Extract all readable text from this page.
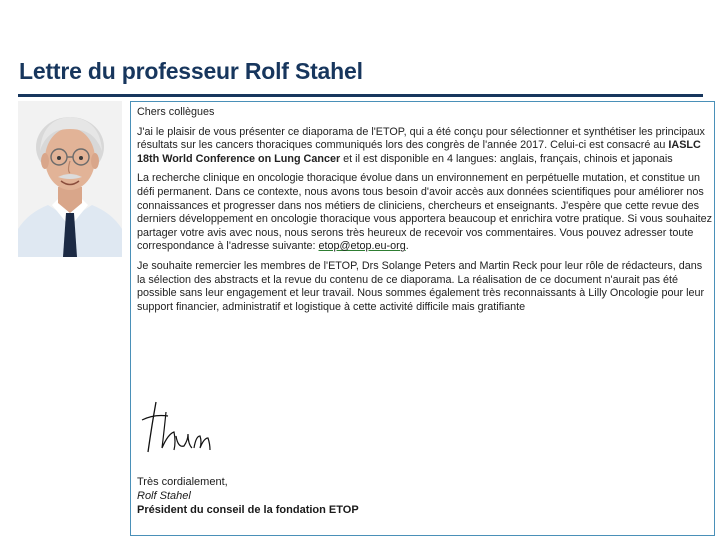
Lettre du professeur Rolf Stahel

Chers collègues

J'ai le plaisir de vous présenter ce diaporama de l'ETOP, qui a été conçu pour sélectionner et synthétiser les principaux résultats sur les cancers thoraciques communiqués lors des congrès de l'année 2017. Celui-ci est consacré au IASLC 18th World Conference on Lung Cancer et il est disponible en 4 langues: anglais, français, chinois et japonais

La recherche clinique en oncologie thoracique évolue dans un environnement en perpétuelle mutation, et constitue un défi permanent. Dans ce contexte, nous avons tous besoin d'avoir accès aux données scientifiques pour améliorer nos connaissances et progresser dans nos métiers de cliniciens, chercheurs et enseignants. J'espère que cette revue des derniers développement en oncologie thoracique vous apportera beaucoup et enrichira votre pratique. Si vous souhaitez partager votre avis avec nous, nous serons très heureux de recevoir vos commentaires. Vous pouvez adresser toute correspondance à l'adresse suivante: etop@etop.eu-org.

Je souhaite remercier les membres de l'ETOP, Drs Solange Peters and Martin Reck pour leur rôle de rédacteurs, dans la sélection des abstracts et la revue du contenu de ce diaporama. La réalisation de ce document n'aurait pas été possible sans leur engagement et leur travail. Nous sommes également très reconnaissants à Lilly Oncologie pour leur support financier, administratif et logistique à cette activité difficile mais gratifiante

Très cordialement,
Rolf Stahel
Président du conseil de la fondation ETOP
